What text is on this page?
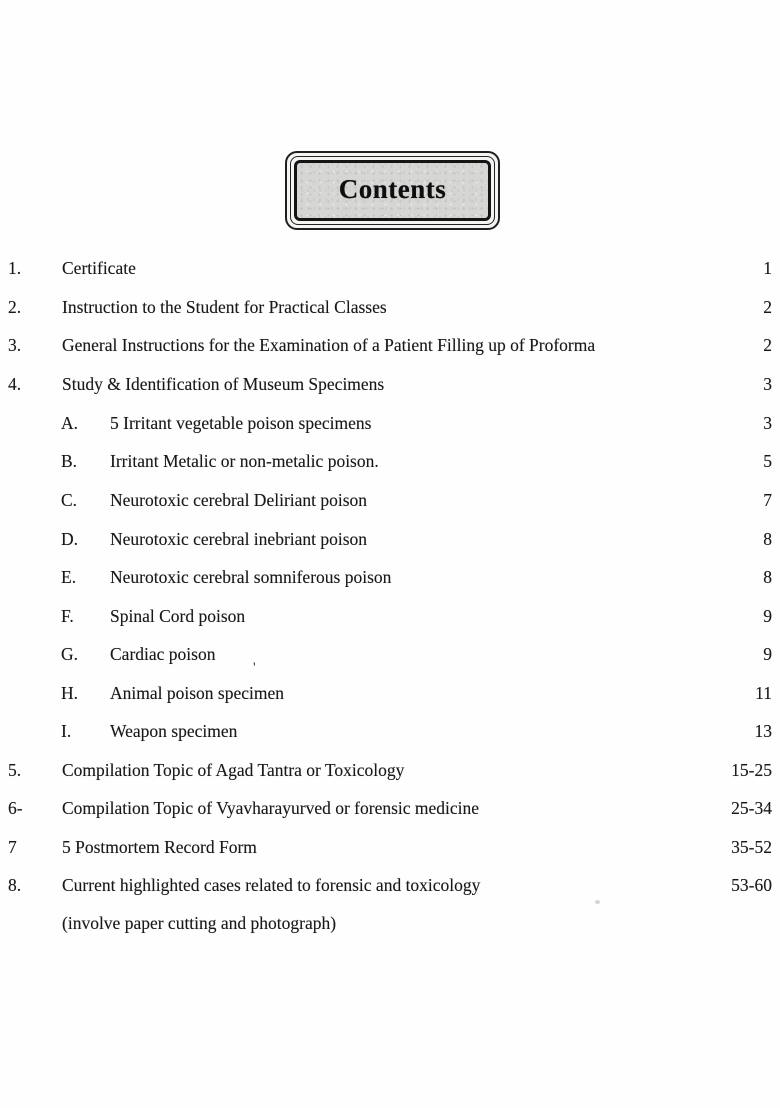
Contents
1. Certificate	1
2. Instruction to the Student for Practical Classes	2
3. General Instructions for the Examination of a Patient Filling up of Proforma	2
4. Study & Identification of Museum Specimens	3
A. 5 Irritant vegetable poison specimens	3
B. Irritant Metalic or non-metalic poison.	5
C. Neurotoxic cerebral Deliriant poison	7
D. Neurotoxic cerebral inebriant poison	8
E. Neurotoxic cerebral somniferous poison	8
F. Spinal Cord poison	9
G. Cardiac poison	9
H. Animal poison specimen	11
I. Weapon specimen	13
5. Compilation Topic of Agad Tantra or Toxicology	15-25
6- Compilation Topic of Vyavharayurved or forensic medicine	25-34
7	5 Postmortem Record Form	35-52
8. Current highlighted cases related to forensic and toxicology	53-60
(involve paper cutting and photograph)
'
